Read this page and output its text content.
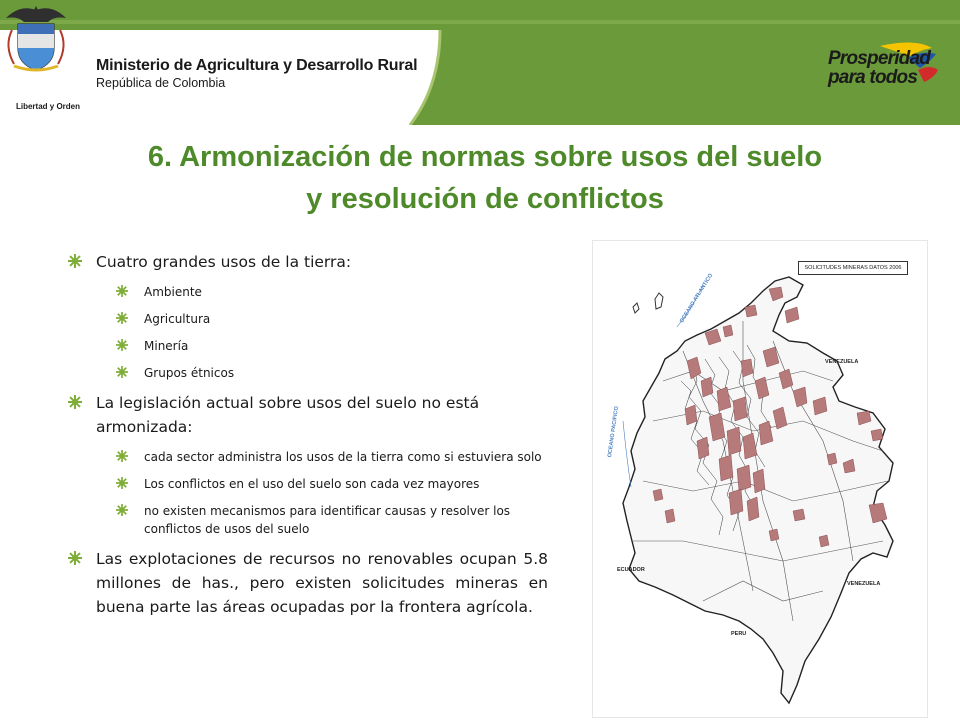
Libertad y Orden
Ministerio de Agricultura y Desarrollo Rural
República de Colombia
Prosperidad
para todos
6. Armonización de normas sobre usos del suelo
y resolución de conflictos
Cuatro grandes usos de la tierra:
Ambiente
Agricultura
Minería
Grupos étnicos
La legislación actual sobre usos del suelo no está armonizada:
cada sector administra los usos de la tierra como si estuviera solo
Los conflictos en el uso del suelo son cada vez mayores
no existen mecanismos para identificar causas y resolver los conflictos de usos del suelo
Las explotaciones de recursos no renovables ocupan 5.8 millones de has., pero existen solicitudes mineras en buena parte las áreas ocupadas por la frontera agrícola.
SOLICITUDES MINERAS DATOS 2006
VENEZUELA
VENEZUELA
ECUADOR
PERU
OCEANO PACIFICO
OCEANO ATLANTICO
